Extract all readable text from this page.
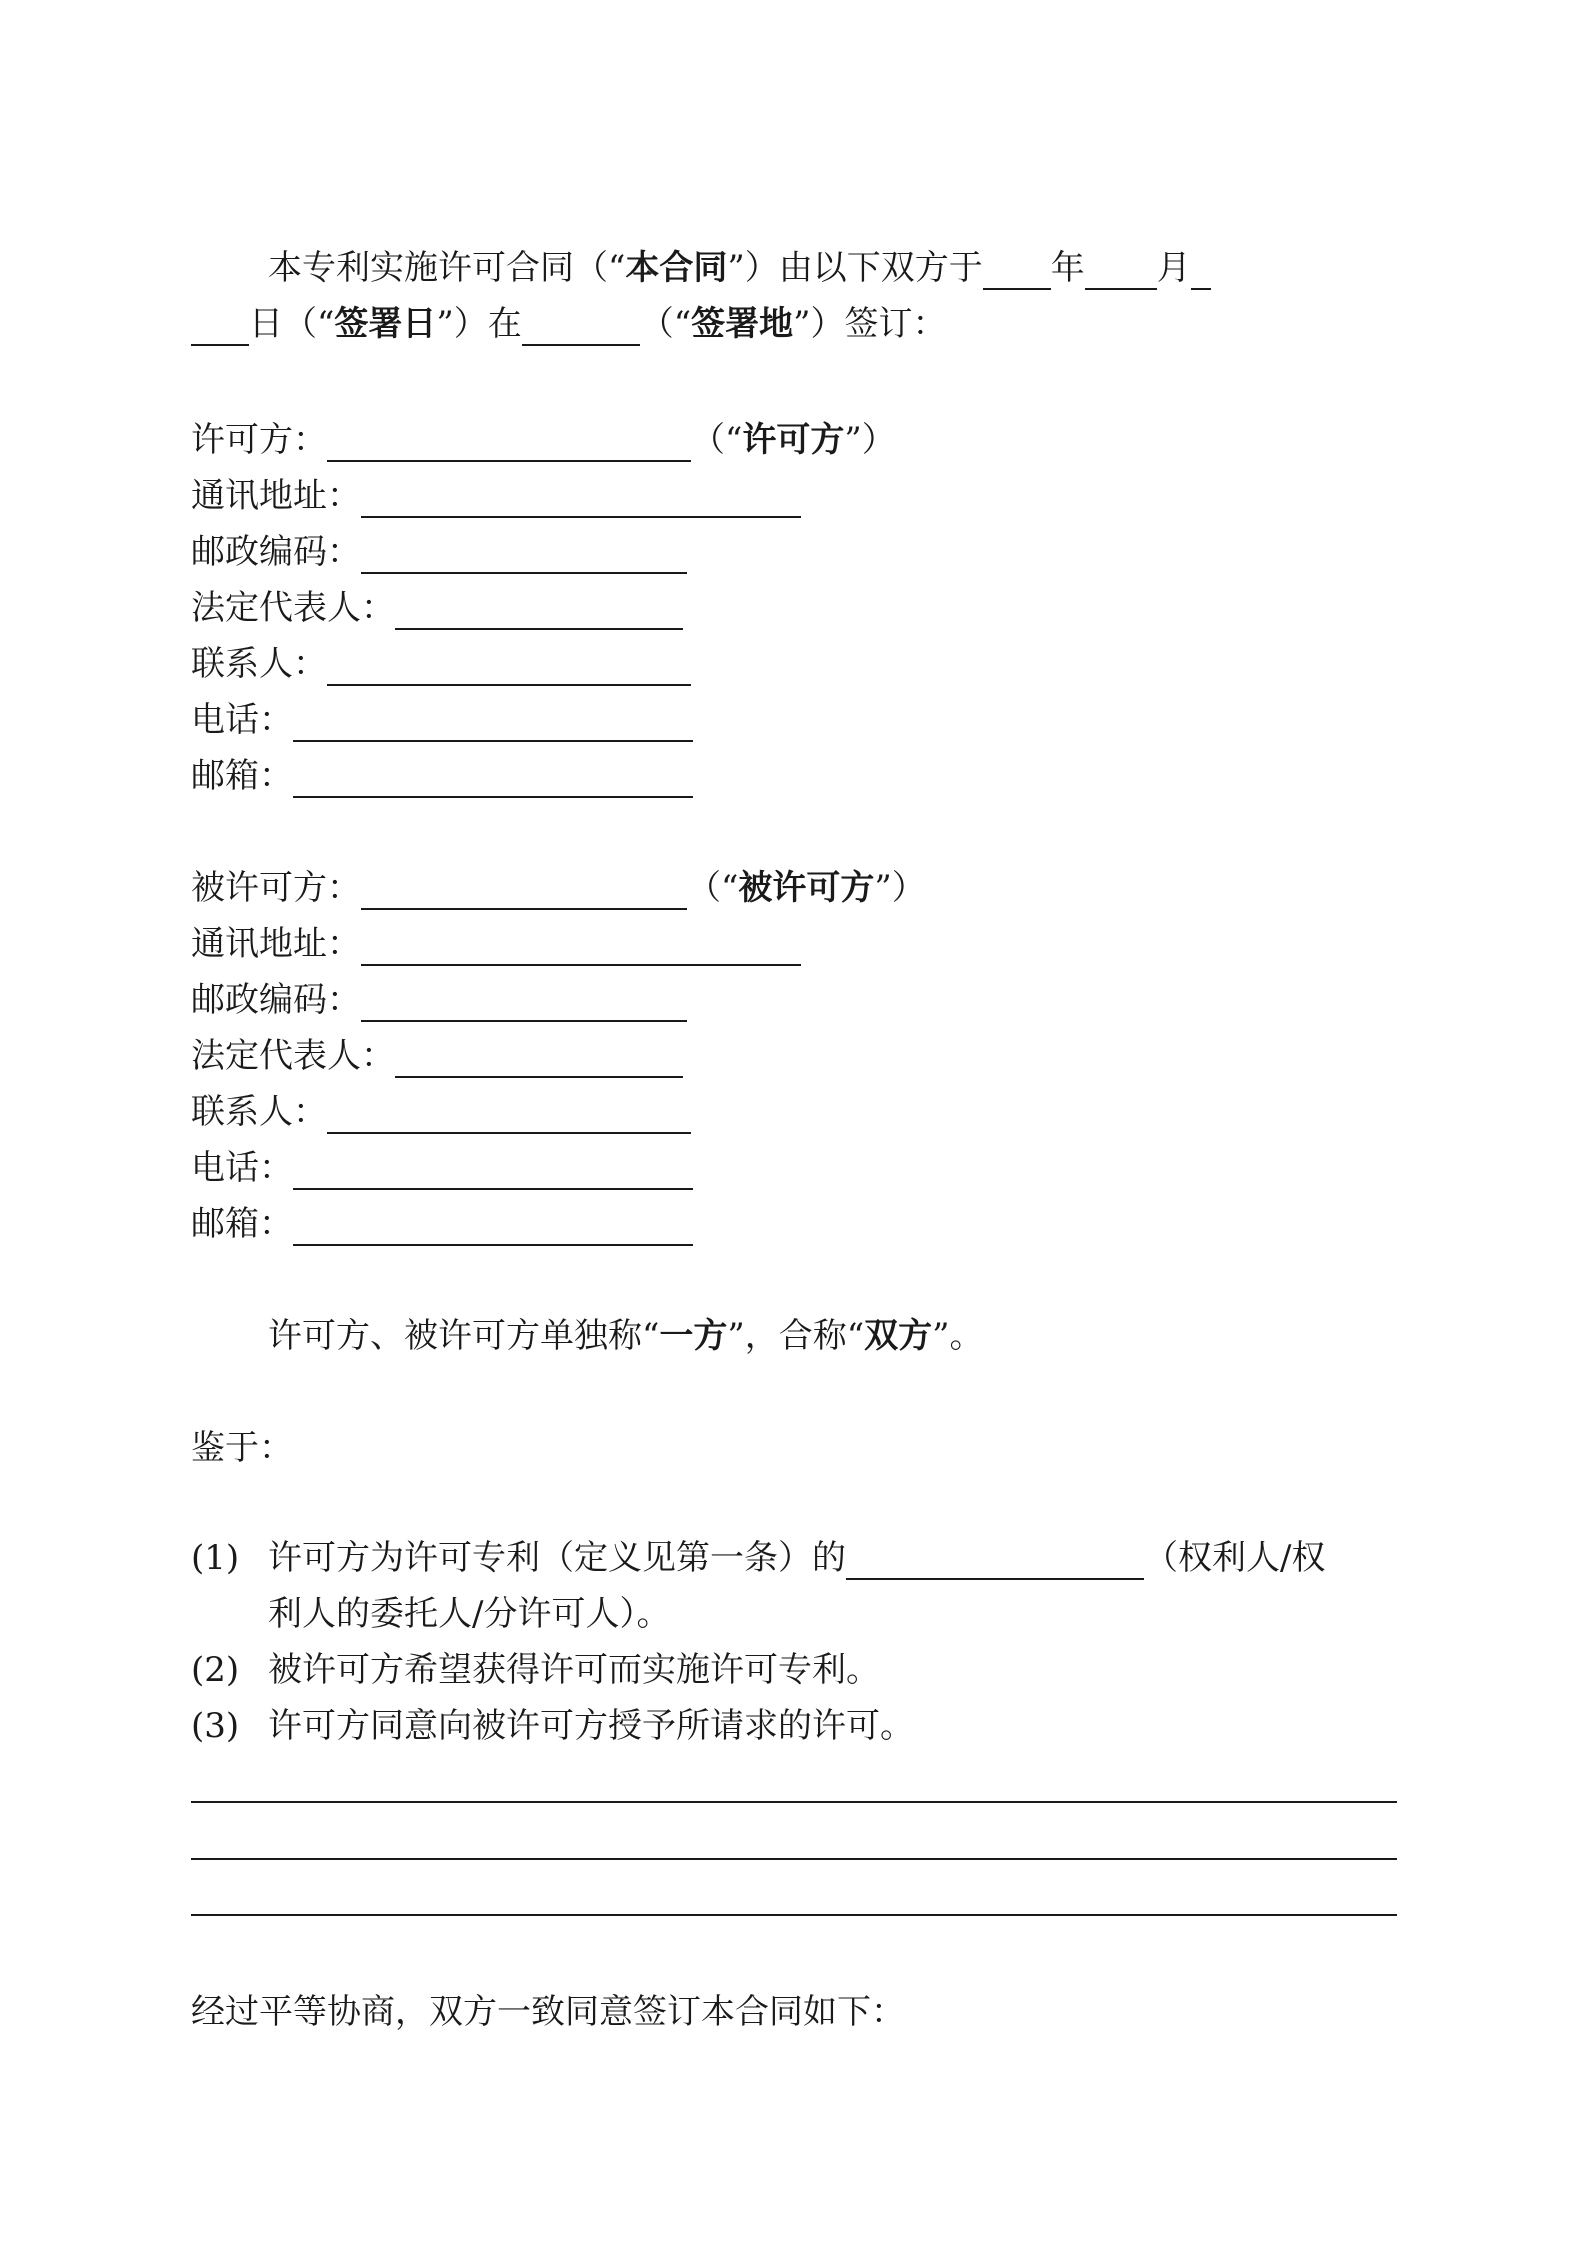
本专利实施许可合同（“本合同”）由以下双方于 年 月
日（“签署日”）在	（“签署地”）签订：
许可方：	（“许可方”）
通讯地址：
邮政编码：
法定代表人：
联系人：
电话：
邮箱：
被许可方：	（“被许可方”）
通讯地址：
邮政编码：
法定代表人：
联系人：
电话：
邮箱：
许可方、被许可方单独称“一方”，合称“双方”。
鉴于：
(1) 许可方为许可专利（定义见第一条）的	（权利人/权
利人的委托人/分许可人）。
(2) 被许可方希望获得许可而实施许可专利。
(3) 许可方同意向被许可方授予所请求的许可。
经过平等协商，双方一致同意签订本合同如下：
